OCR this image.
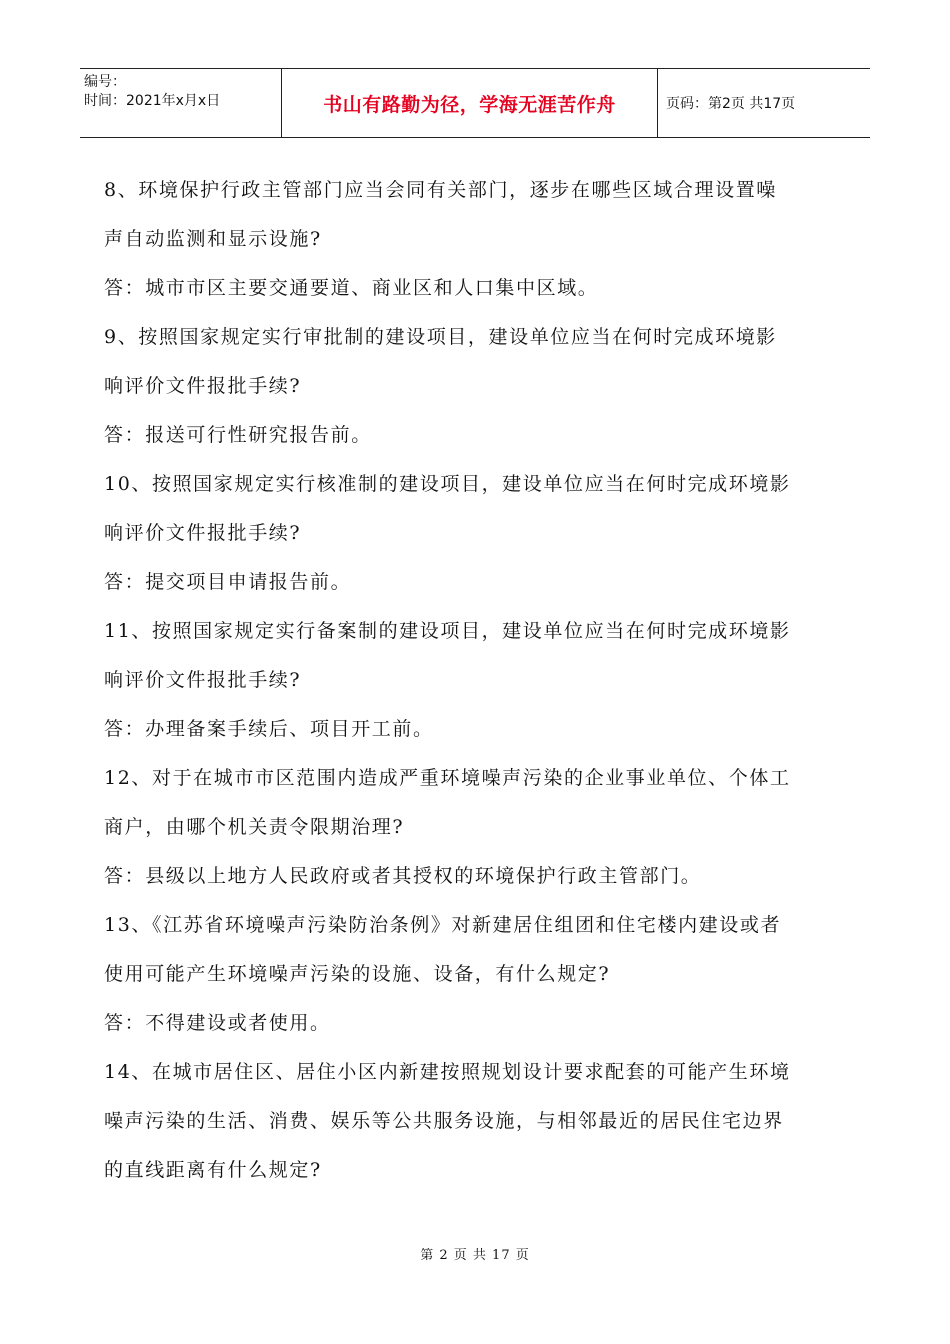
编号：
时间：2021年x月x日	书山有路勤为径，学海无涯苦作舟	页码：第2页 共17页

8、环境保护行政主管部门应当会同有关部门，逐步在哪些区域合理设置噪

声自动监测和显示设施?

答：城市市区主要交通要道、商业区和人口集中区域。

9、按照国家规定实行审批制的建设项目，建设单位应当在何时完成环境影

响评价文件报批手续?

答：报送可行性研究报告前。

10、按照国家规定实行核准制的建设项目，建设单位应当在何时完成环境影

响评价文件报批手续?

答：提交项目申请报告前。

11、按照国家规定实行备案制的建设项目，建设单位应当在何时完成环境影

响评价文件报批手续?

答：办理备案手续后、项目开工前。

12、对于在城市市区范围内造成严重环境噪声污染的企业事业单位、个体工

商户，由哪个机关责令限期治理?

答：县级以上地方人民政府或者其授权的环境保护行政主管部门。

13、《江苏省环境噪声污染防治条例》对新建居住组团和住宅楼内建设或者

使用可能产生环境噪声污染的设施、设备，有什么规定?

答：不得建设或者使用。

14、在城市居住区、居住小区内新建按照规划设计要求配套的可能产生环境

噪声污染的生活、消费、娱乐等公共服务设施，与相邻最近的居民住宅边界

的直线距离有什么规定?

第 2 页 共 17 页
